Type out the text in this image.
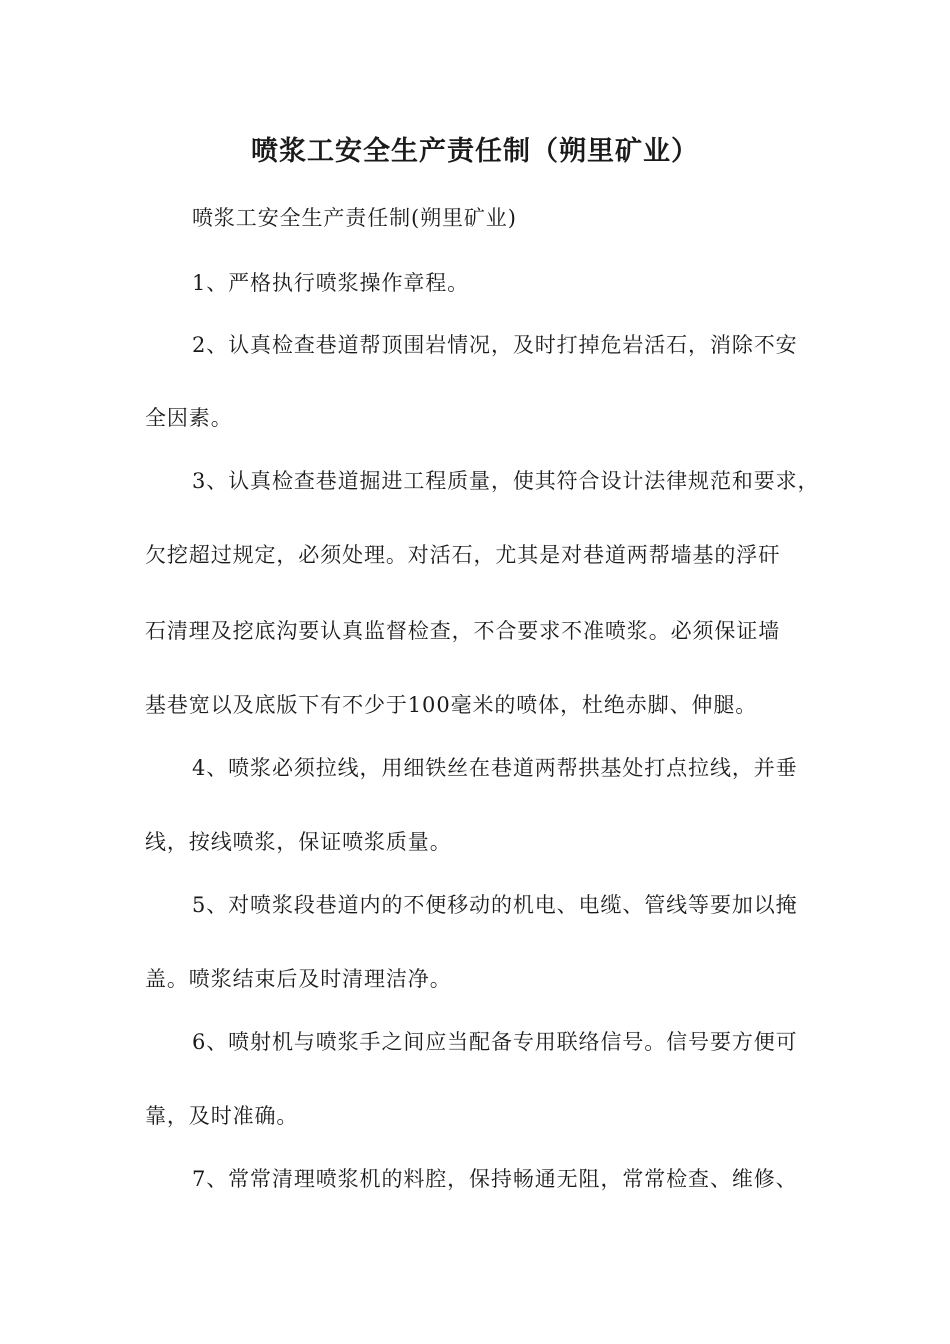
喷浆工安全生产责任制（朔里矿业）
喷浆工安全生产责任制(朔里矿业)
1、严格执行喷浆操作章程。
2、认真检查巷道帮顶围岩情况，及时打掉危岩活石，消除不安
全因素。
3、认真检查巷道掘进工程质量，使其符合设计法律规范和要求，
欠挖超过规定，必须处理。对活石，尤其是对巷道两帮墙基的浮矸
石清理及挖底沟要认真监督检查，不合要求不准喷浆。必须保证墙
基巷宽以及底版下有不少于100毫米的喷体，杜绝赤脚、伸腿。
4、喷浆必须拉线，用细铁丝在巷道两帮拱基处打点拉线，并垂
线，按线喷浆，保证喷浆质量。
5、对喷浆段巷道内的不便移动的机电、电缆、管线等要加以掩
盖。喷浆结束后及时清理洁净。
6、喷射机与喷浆手之间应当配备专用联络信号。信号要方便可
靠，及时准确。
7、常常清理喷浆机的料腔，保持畅通无阻，常常检查、维修、
